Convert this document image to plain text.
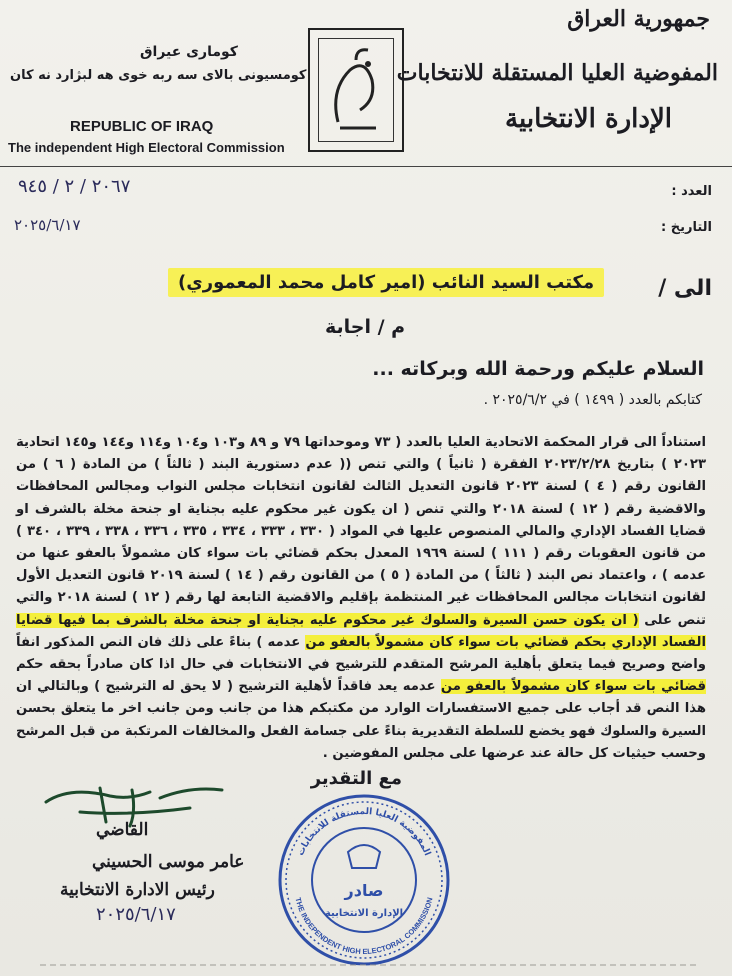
كوماری عیراق
كومسیونی بالای سه ربه خوی هه لبژارد نه كان
REPUBLIC OF IRAQ
The independent High Electoral Commission
جمهورية العراق
المفوضية العليا المستقلة للانتخابات
الإدارة الانتخابية
العدد :
٢٠٦٧ / ٢ / ٩٤٥
التاريخ :
٢٠٢٥/٦/١٧
الى /
مكتب السيد النائب (امير كامل محمد المعموري)
م / اجابة
السلام عليكم ورحمة الله وبركاته ...
كتابكم بالعدد ( ١٤٩٩ ) في ٢٠٢٥/٦/٢ .
استناداً الى قرار المحكمة الاتحادية العليا بالعدد ( ٧٣ وموحداتها ٧٩ و ٨٩ و١٠٣ و١٠٤ و١١٤ و١٤٤ و١٤٥ اتحادية ٢٠٢٣ ) بتاريخ ٢٠٢٣/٢/٢٨ الفقرة ( ثانياً ) والتي تنص (( عدم دستورية البند ( ثالثاً ) من المادة ( ٦ ) من القانون رقم ( ٤ ) لسنة ٢٠٢٣ قانون التعديل الثالث لقانون انتخابات مجلس النواب ومجالس المحافظات والاقضية رقم ( ١٢ ) لسنة ٢٠١٨ والتي تنص ( ان يكون غير محكوم عليه بجناية او جنحة مخلة بالشرف او قضايا الفساد الإداري والمالي المنصوص عليها في المواد ( ٣٣٠ ، ٣٣٣ ، ٣٣٤ ، ٣٣٥ ، ٣٣٦ ، ٣٣٨ ، ٣٣٩ ، ٣٤٠ ) من قانون العقوبات رقم ( ١١١ ) لسنة ١٩٦٩ المعدل بحكم قضائي بات سواء كان مشمولاً بالعفو عنها من عدمه ) ، واعتماد نص البند ( ثالثاً ) من المادة ( ٥ ) من القانون رقم ( ١٤ ) لسنة ٢٠١٩ قانون التعديل الأول لقانون انتخابات مجالس المحافظات غير المنتظمة بإقليم والاقضية التابعة لها رقم ( ١٢ ) لسنة ٢٠١٨ والتي تنص على ( ان يكون حسن السيرة والسلوك غير محكوم عليه بجناية او جنحة مخلة بالشرف بما فيها قضايا الفساد الإداري بحكم قضائي بات سواء كان مشمولاً بالعفو من عدمه ) بناءً على ذلك فان النص المذكور انفاً واضح وصريح فيما يتعلق بأهلية المرشح المتقدم للترشيح في الانتخابات في حال اذا كان صادراً بحقه حكم قضائي بات سواء كان مشمولاً بالعفو من عدمه يعد فاقداً لأهلية الترشيح ( لا يحق له الترشيح ) وبالتالي ان هذا النص قد أجاب على جميع الاستفسارات الوارد من مكتبكم هذا من جانب ومن جانب اخر ما يتعلق بحسن السيرة والسلوك فهو يخضع للسلطة التقديرية بناءً على جسامة الفعل والمخالفات المرتكبة من قبل المرشح وحسب حيثيات كل حالة عند عرضها على مجلس المفوضين .
مع التقدير
القاضي
عامر موسى الحسيني
رئيس الادارة الانتخابية
٢٠٢٥/٦/١٧
المفوضية العليا المستقلة للانتخابات
THE INDEPENDENT HIGH ELECTORAL COMMISSION
صادر
الإدارة الانتخابية
